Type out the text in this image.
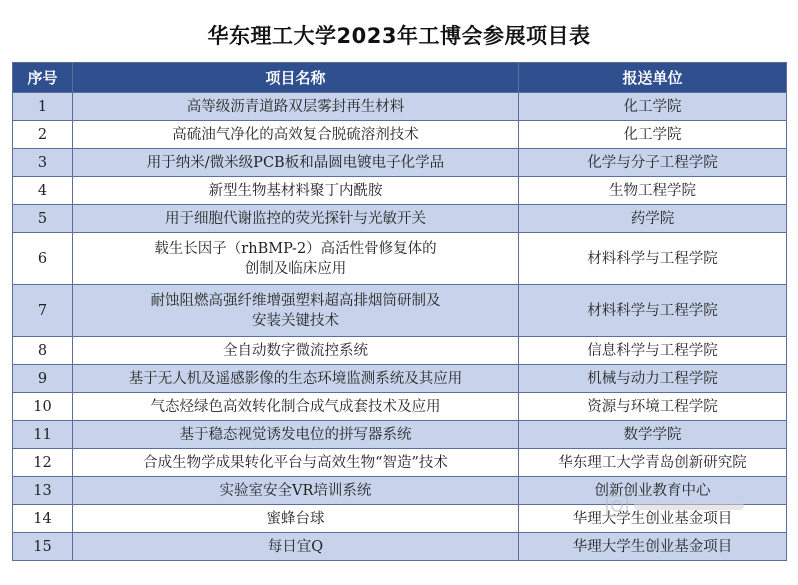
华东理工大学2023年工博会参展项目表
序号	项目名称	报送单位
1	高等级沥青道路双层雾封再生材料	化工学院
2	高硫油气净化的高效复合脱硫溶剂技术	化工学院
3	用于纳米/微米级PCB板和晶圆电镀电子化学品	化学与分子工程学院
4	新型生物基材料聚丁内酰胺	生物工程学院
5	用于细胞代谢监控的荧光探针与光敏开关	药学院
6	载生长因子（rhBMP-2）高活性骨修复体的
创制及临床应用	材料科学与工程学院
7	耐蚀阻燃高强纤维增强塑料超高排烟筒研制及
安装关键技术	材料科学与工程学院
8	全自动数字微流控系统	信息科学与工程学院
9	基于无人机及遥感影像的生态环境监测系统及其应用	机械与动力工程学院
10	气态烃绿色高效转化制合成气成套技术及应用	资源与环境工程学院
11	基于稳态视觉诱发电位的拼写器系统	数学学院
12	合成生物学成果转化平台与高效生物“智造”技术	华东理工大学青岛创新研究院
13	实验室安全VR培训系统	创新创业教育中心
14	蜜蜂台球	华理大学生创业基金项目
15	每日宜Q	华理大学生创业基金项目
